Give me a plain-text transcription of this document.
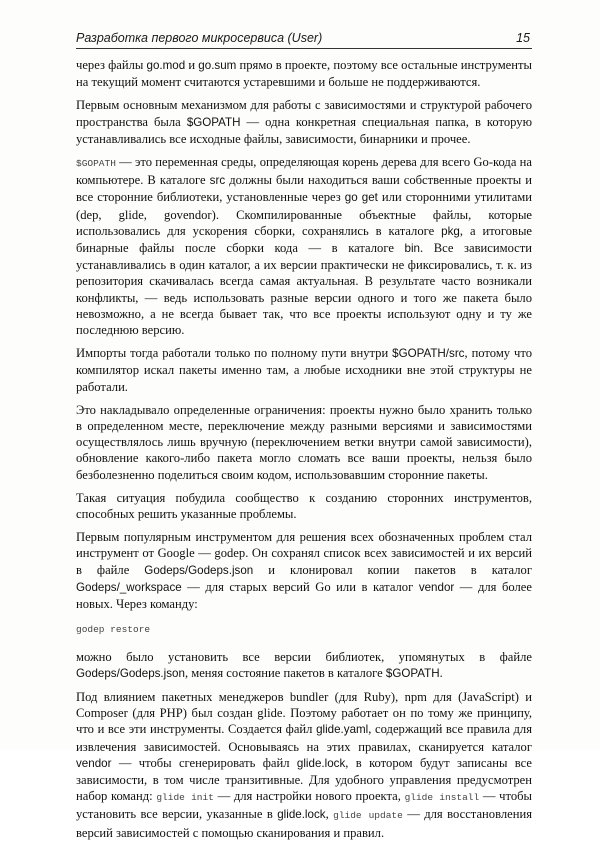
Разработка первого микросервиса (User)	15

через файлы go.mod и go.sum прямо в проекте, поэтому все остальные инструменты на текущий момент считаются устаревшими и больше не поддерживаются.

Первым основным механизмом для работы с зависимостями и структурой рабочего пространства была $GOPATH — одна конкретная специальная папка, в которую устанавливались все исходные файлы, зависимости, бинарники и прочее.

$GOPATH — это переменная среды, определяющая корень дерева для всего Go-кода на компьютере. В каталоге src должны были находиться ваши собственные проекты и все сторонние библиотеки, установленные через go get или сторонними утилитами (dep, glide, govendor). Скомпилированные объектные файлы, которые использовались для ускорения сборки, сохранялись в каталоге pkg, а итоговые бинарные файлы после сборки кода — в каталоге bin. Все зависимости устанавливались в один каталог, а их версии практически не фиксировались, т. к. из репозитория скачивалась всегда самая актуальная. В результате часто возникали конфликты, — ведь использовать разные версии одного и того же пакета было невозможно, а не всегда бывает так, что все проекты используют одну и ту же последнюю версию.

Импорты тогда работали только по полному пути внутри $GOPATH/src, потому что компилятор искал пакеты именно там, а любые исходники вне этой структуры не работали.

Это накладывало определенные ограничения: проекты нужно было хранить только в определенном месте, переключение между разными версиями и зависимостями осуществлялось лишь вручную (переключением ветки внутри самой зависимости), обновление какого-либо пакета могло сломать все ваши проекты, нельзя было безболезненно поделиться своим кодом, использовавшим сторонние пакеты.

Такая ситуация побудила сообщество к созданию сторонних инструментов, способных решить указанные проблемы.

Первым популярным инструментом для решения всех обозначенных проблем стал инструмент от Google — godep. Он сохранял список всех зависимостей и их версий в файле Godeps/Godeps.json и клонировал копии пакетов в каталог Godeps/_workspace — для старых версий Go или в каталог vendor — для более новых. Через команду:

godep restore

можно было установить все версии библиотек, упомянутых в файле Godeps/Godeps.json, меняя состояние пакетов в каталоге $GOPATH.

Под влиянием пакетных менеджеров bundler (для Ruby), npm для (JavaScript) и Composer (для PHP) был создан glide. Поэтому работает он по тому же принципу, что и все эти инструменты. Создается файл glide.yaml, содержащий все правила для извлечения зависимостей. Основываясь на этих правилах, сканируется каталог vendor — чтобы сгенерировать файл glide.lock, в котором будут записаны все зависимости, в том числе транзитивные. Для удобного управления предусмотрен набор команд: glide init — для настройки нового проекта, glide install — чтобы установить все версии, указанные в glide.lock, glide update — для восстановления версий зависимостей с помощью сканирования и правил.
